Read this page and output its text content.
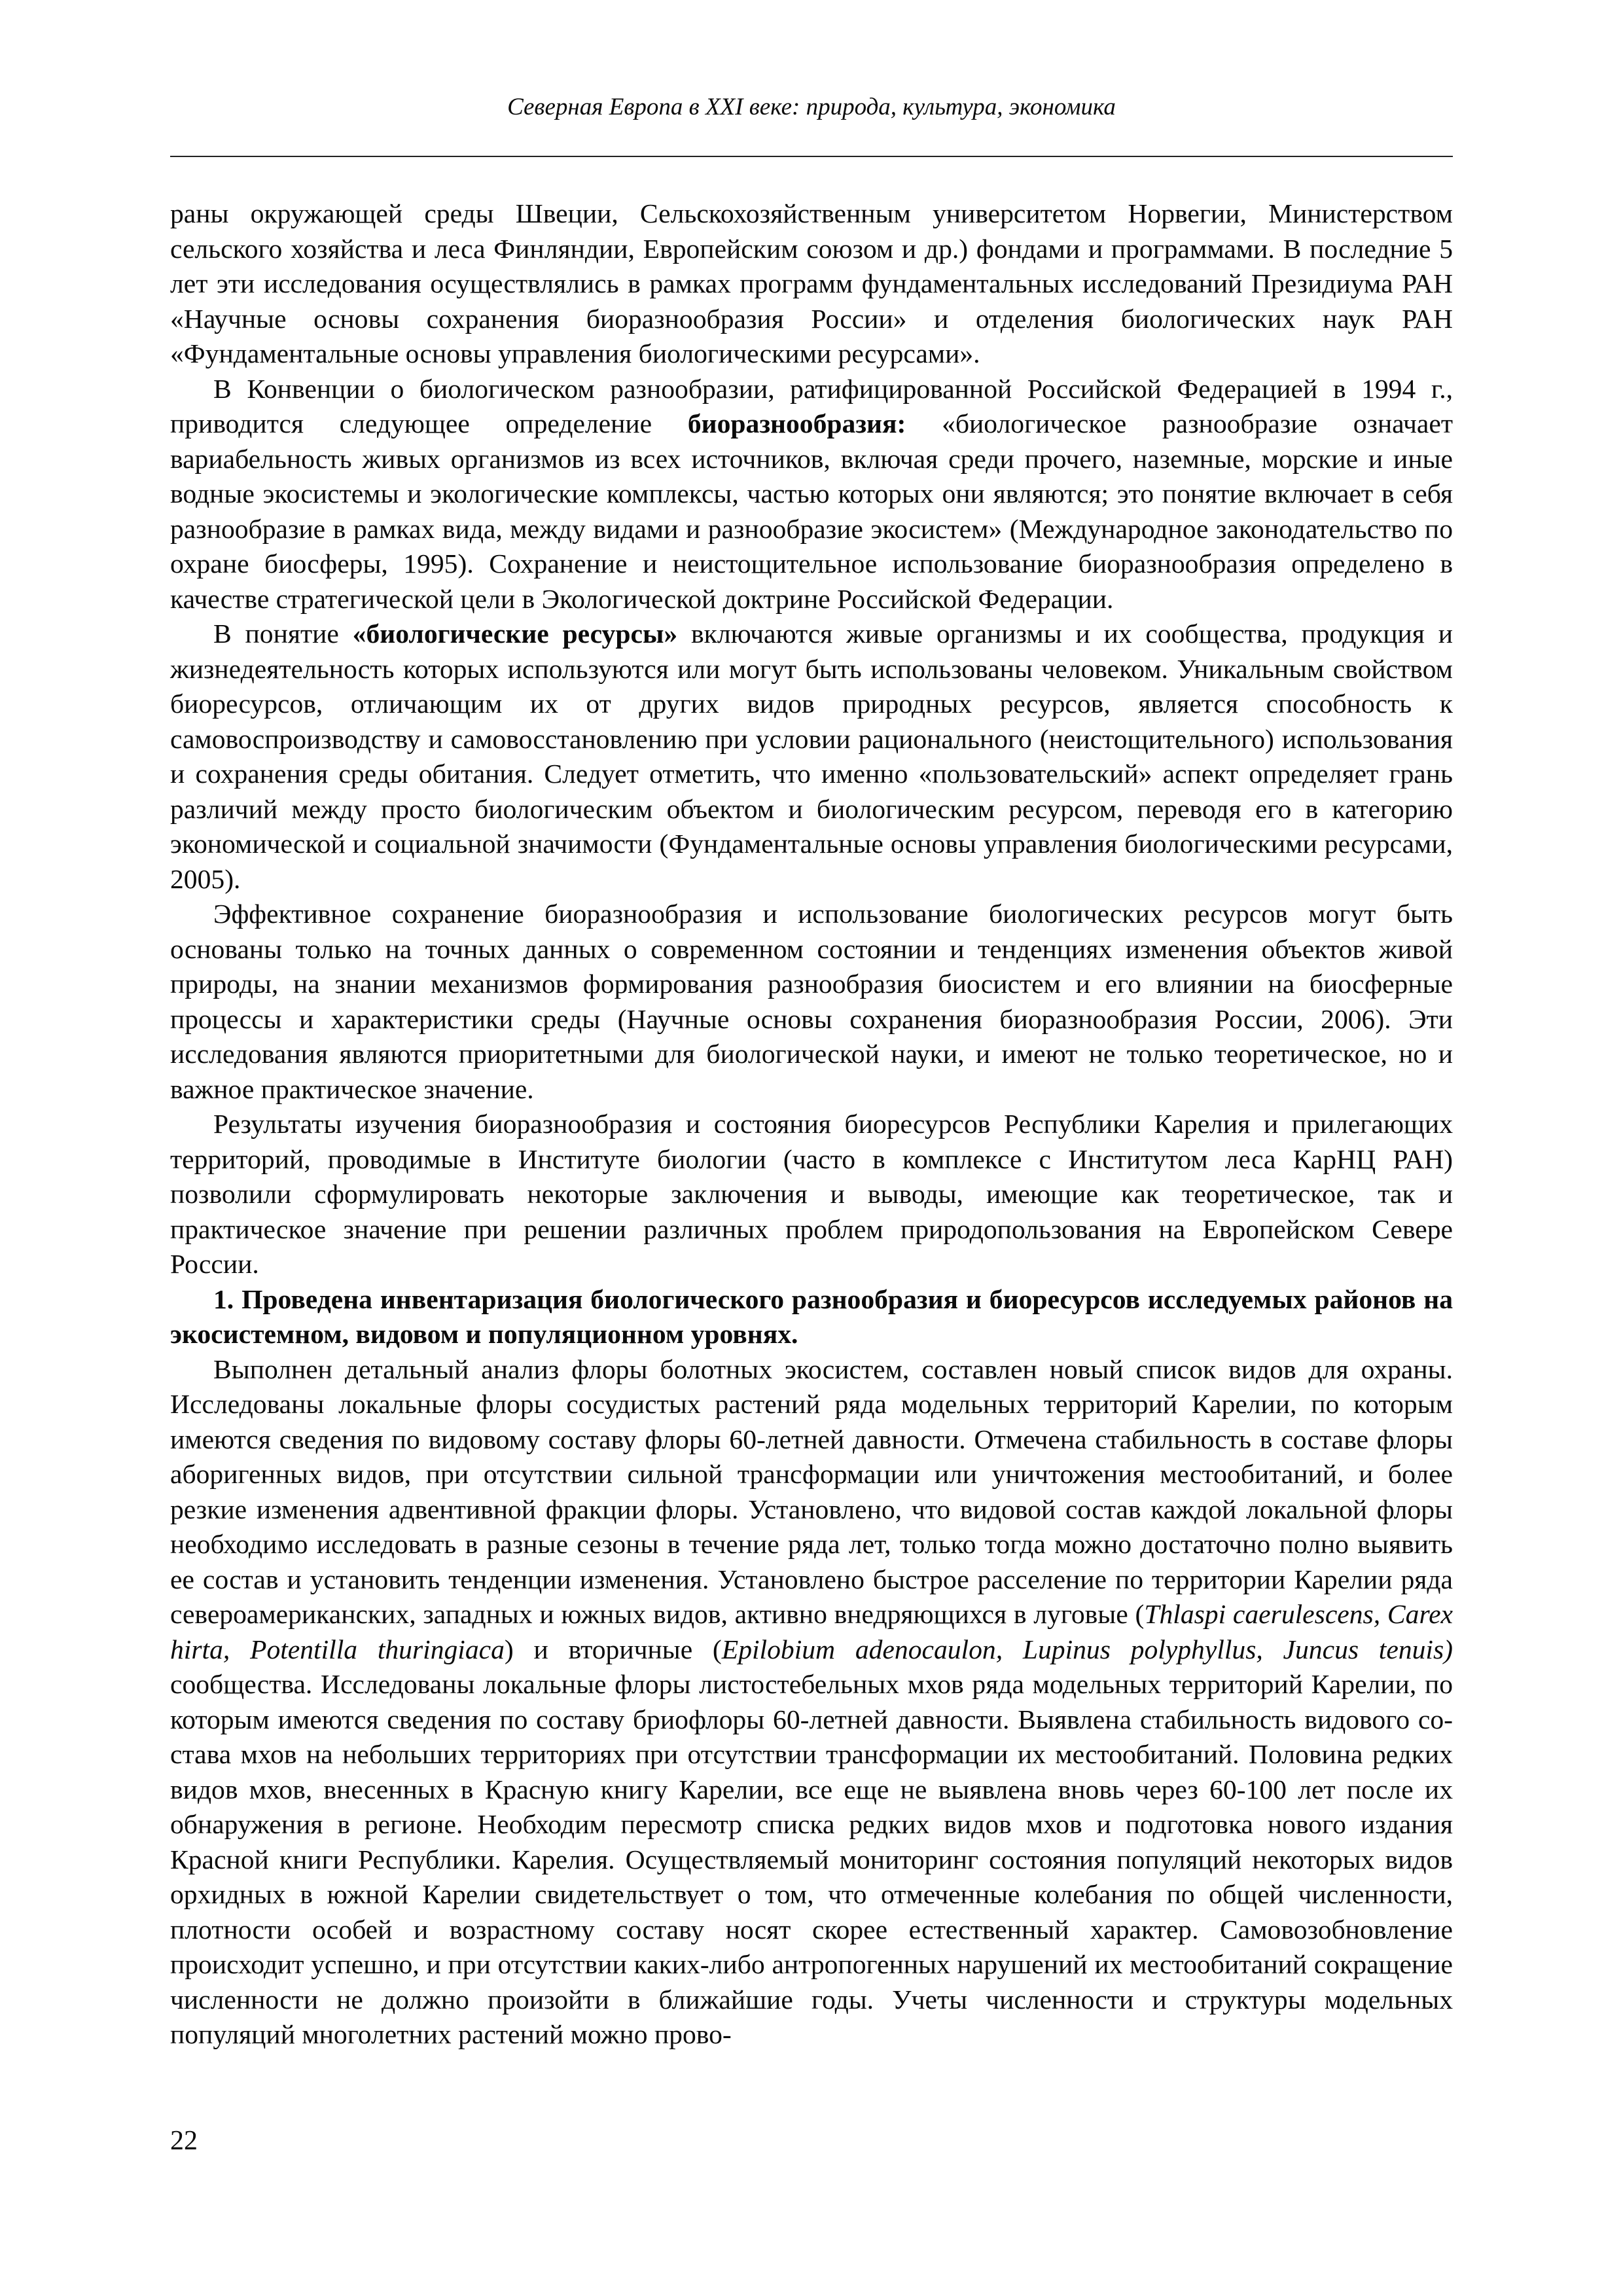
Северная Европа в XXI веке: природа, культура, экономика

раны окружающей среды Швеции, Сельскохозяйственным университетом Норвегии, Министерством сельского хозяйства и леса Финляндии, Европейским союзом и др.) фондами и программами. В последние 5 лет эти исследования осуществлялись в рамках программ фундаментальных исследований Президиума РАН «Научные основы сохранения биоразнообразия России» и отделения биологических наук РАН «Фундаментальные основы управления биологическими ресурсами».

В Конвенции о биологическом разнообразии, ратифицированной Российской Федерацией в 1994 г., приводится следующее определение биоразнообразия: «биологическое разнообразие означает вариабельность живых организмов из всех источников, включая среди прочего, наземные, морские и иные водные экосистемы и экологические комплексы, частью которых они являются; это понятие включает в себя разнообразие в рамках вида, между видами и разнообразие экосистем» (Международное законодательство по охране биосферы, 1995). Сохранение и неистощительное использование биоразнообразия определено в качестве стратегической цели в Экологической доктрине Российской Федерации.

В понятие «биологические ресурсы» включаются живые организмы и их сообщества, продукция и жизнедеятельность которых используются или могут быть использованы человеком. Уникальным свойством биоресурсов, отличающим их от других видов природных ресурсов, является способность к самовоспроизводству и самовосстановлению при условии рационального (неистощительного) использования и сохранения среды обитания. Следует отметить, что именно «пользовательский» аспект определяет грань различий между просто биологическим объектом и биологическим ресурсом, переводя его в категорию экономической и социальной значимости (Фундаментальные основы управления биологическими ресурсами, 2005).

Эффективное сохранение биоразнообразия и использование биологических ресурсов могут быть основаны только на точных данных о современном состоянии и тенденциях изменения объектов живой природы, на знании механизмов формирования разнообразия биосистем и его влиянии на биосферные процессы и характеристики среды (Научные основы сохранения биоразнообразия России, 2006). Эти исследования являются приоритетными для биологической науки, и имеют не только теоретическое, но и важное практическое значение.

Результаты изучения биоразнообразия и состояния биоресурсов Республики Карелия и прилегающих территорий, проводимые в Институте биологии (часто в комплексе с Институтом леса КарНЦ РАН) позволили сформулировать некоторые заключения и выводы, имеющие как теоретическое, так и практическое значение при решении различных проблем природопользования на Европейском Севере России.

1. Проведена инвентаризация биологического разнообразия и биоресурсов исследуемых районов на экосистемном, видовом и популяционном уровнях.

Выполнен детальный анализ флоры болотных экосистем, составлен новый список видов для охраны. Исследованы локальные флоры сосудистых растений ряда модельных территорий Карелии, по которым имеются сведения по видовому составу флоры 60-летней давности. Отмечена стабильность в составе флоры аборигенных видов, при отсутствии сильной трансформации или уничтожения местообитаний, и более резкие изменения адвентивной фракции флоры. Установлено, что видовой состав каждой локальной флоры необходимо исследовать в разные сезоны в течение ряда лет, только тогда можно достаточно полно выявить ее состав и установить тенденции изменения. Установлено быстрое расселение по территории Карелии ряда североамериканских, западных и южных видов, активно внедряющихся в луговые (Thlaspi caerulescens, Carex hirta, Potentilla thuringiaca) и вторичные (Epilobium adenocaulon, Lupinus polyphyllus, Juncus tenuis) сообщества. Исследованы локальные флоры листостебельных мхов ряда модельных территорий Карелии, по которым имеются сведения по составу бриофлоры 60-летней давности. Выявлена стабильность видового состава мхов на небольших территориях при отсутствии трансформации их местообитаний. Половина редких видов мхов, внесенных в Красную книгу Карелии, все еще не выявлена вновь через 60-100 лет после их обнаружения в регионе. Необходим пересмотр списка редких видов мхов и подготовка нового издания Красной книги Республики. Карелия. Осуществляемый мониторинг состояния популяций некоторых видов орхидных в южной Карелии свидетельствует о том, что отмеченные колебания по общей численности, плотности особей и возрастному составу носят скорее естественный характер. Самовозобновление происходит успешно, и при отсутствии каких-либо антропогенных нарушений их местообитаний сокращение численности не должно произойти в ближайшие годы. Учеты численности и структуры модельных популяций многолетних растений можно прово-

22
